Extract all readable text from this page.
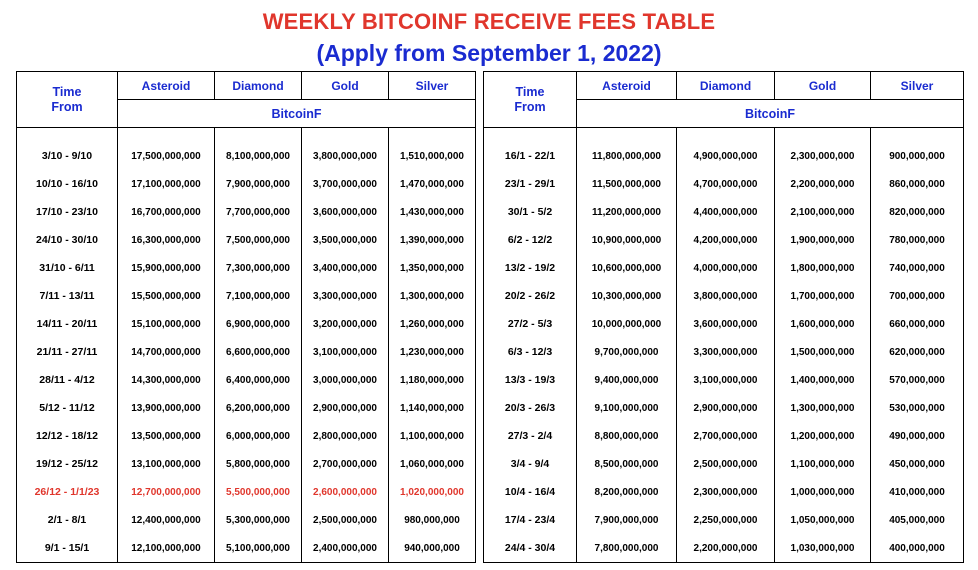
WEEKLY BITCOINF RECEIVE FEES TABLE
(Apply from September 1, 2022)
Time
From	Asteroid	Diamond	Gold	Silver
	BitcoinF			

3/10 - 9/10	17,500,000,000	8,100,000,000	3,800,000,000	1,510,000,000
10/10 - 16/10	17,100,000,000	7,900,000,000	3,700,000,000	1,470,000,000
17/10 - 23/10	16,700,000,000	7,700,000,000	3,600,000,000	1,430,000,000
24/10 - 30/10	16,300,000,000	7,500,000,000	3,500,000,000	1,390,000,000
31/10 - 6/11	15,900,000,000	7,300,000,000	3,400,000,000	1,350,000,000
7/11 - 13/11	15,500,000,000	7,100,000,000	3,300,000,000	1,300,000,000
14/11 - 20/11	15,100,000,000	6,900,000,000	3,200,000,000	1,260,000,000
21/11 - 27/11	14,700,000,000	6,600,000,000	3,100,000,000	1,230,000,000
28/11 - 4/12	14,300,000,000	6,400,000,000	3,000,000,000	1,180,000,000
5/12 - 11/12	13,900,000,000	6,200,000,000	2,900,000,000	1,140,000,000
12/12 - 18/12	13,500,000,000	6,000,000,000	2,800,000,000	1,100,000,000
19/12 - 25/12	13,100,000,000	5,800,000,000	2,700,000,000	1,060,000,000
26/12 - 1/1/23	12,700,000,000	5,500,000,000	2,600,000,000	1,020,000,000
2/1 - 8/1	12,400,000,000	5,300,000,000	2,500,000,000	980,000,000
9/1 - 15/1	12,100,000,000	5,100,000,000	2,400,000,000	940,000,000
Time
From	Asteroid	Diamond	Gold	Silver
	BitcoinF			

16/1 - 22/1	11,800,000,000	4,900,000,000	2,300,000,000	900,000,000
23/1 - 29/1	11,500,000,000	4,700,000,000	2,200,000,000	860,000,000
30/1 - 5/2	11,200,000,000	4,400,000,000	2,100,000,000	820,000,000
6/2 - 12/2	10,900,000,000	4,200,000,000	1,900,000,000	780,000,000
13/2 - 19/2	10,600,000,000	4,000,000,000	1,800,000,000	740,000,000
20/2 - 26/2	10,300,000,000	3,800,000,000	1,700,000,000	700,000,000
27/2 - 5/3	10,000,000,000	3,600,000,000	1,600,000,000	660,000,000
6/3 - 12/3	9,700,000,000	3,300,000,000	1,500,000,000	620,000,000
13/3 - 19/3	9,400,000,000	3,100,000,000	1,400,000,000	570,000,000
20/3 - 26/3	9,100,000,000	2,900,000,000	1,300,000,000	530,000,000
27/3 - 2/4	8,800,000,000	2,700,000,000	1,200,000,000	490,000,000
3/4 - 9/4	8,500,000,000	2,500,000,000	1,100,000,000	450,000,000
10/4 - 16/4	8,200,000,000	2,300,000,000	1,000,000,000	410,000,000
17/4 - 23/4	7,900,000,000	2,250,000,000	1,050,000,000	405,000,000
24/4 - 30/4	7,800,000,000	2,200,000,000	1,030,000,000	400,000,000
